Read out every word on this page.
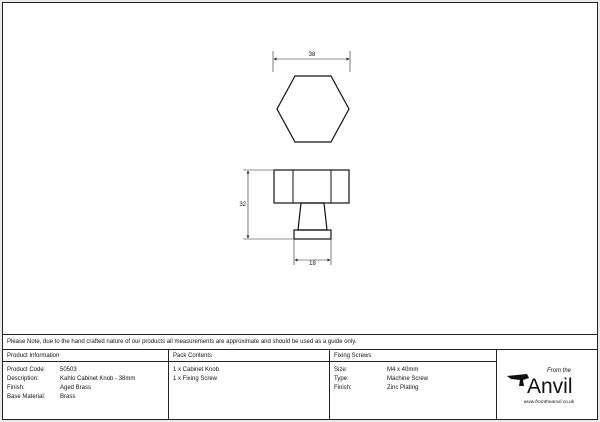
38
32
18
Please Note, due to the hand crafted nature of our products all measurements are approximate and should be used as a guide only.
Product Information
Product Code:	50503
Description:	Kahlo Cabinet Knob - 38mm
Finish:	Aged Brass
Base Material:	Brass
Pack Contents
1 x Cabinet Knob
1 x Fixing Screw
Fixing Screws
Size:	M4 x 40mm
Type:	Machine Screw
Finish:	Zinc Plating
From the
Anvil
www.fromtheanvil.co.uk
